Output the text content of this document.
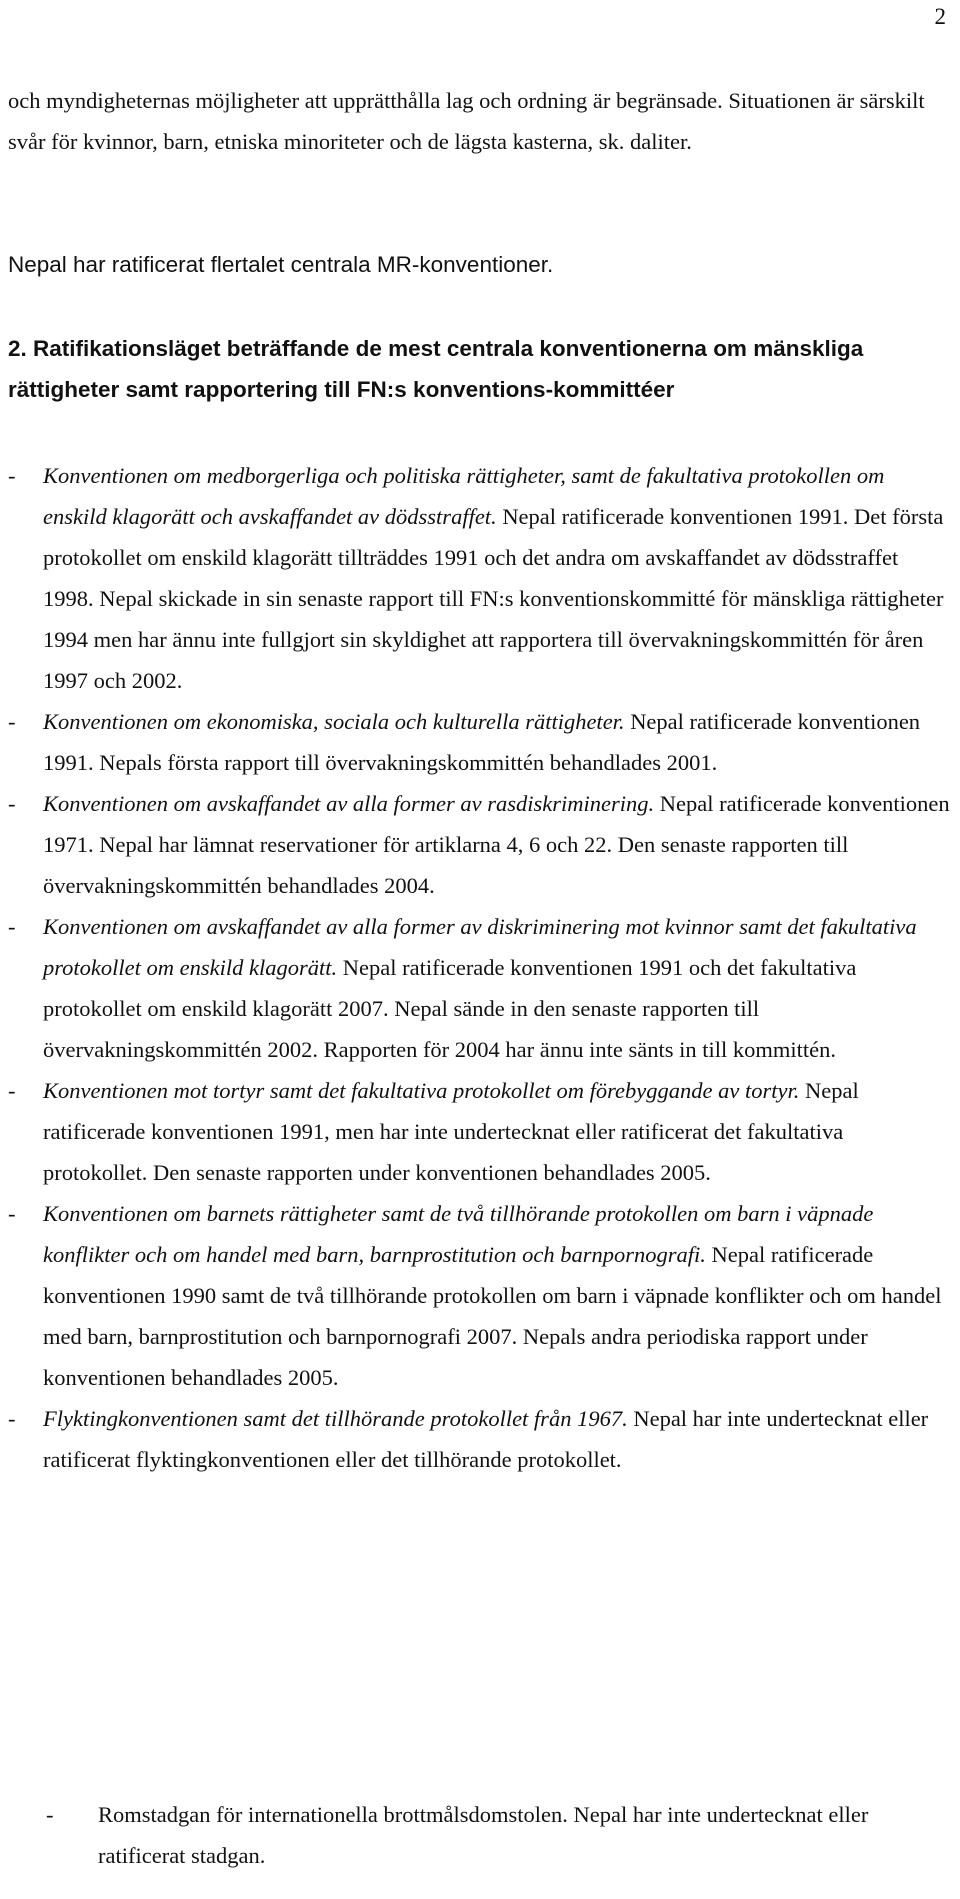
2

och myndigheternas möjligheter att upprätthålla lag och ordning är begränsade. Situationen är särskilt svår för kvinnor, barn, etniska minoriteter och de lägsta kasterna, sk. daliter.

Nepal har ratificerat flertalet centrala MR-konventioner.

2. Ratifikationsläget beträffande de mest centrala konventionerna om mänskliga rättigheter samt rapportering till FN:s konventions-kommittéer
- Konventionen om medborgerliga och politiska rättigheter, samt de fakultativa protokollen om enskild klagorätt och avskaffandet av dödsstraffet. Nepal ratificerade konventionen 1991. Det första protokollet om enskild klagorätt tillträddes 1991 och det andra om avskaffandet av dödsstraffet 1998. Nepal skickade in sin senaste rapport till FN:s konventionskommitté för mänskliga rättigheter 1994 men har ännu inte fullgjort sin skyldighet att rapportera till övervakningskommittén för åren 1997 och 2002.
- Konventionen om ekonomiska, sociala och kulturella rättigheter. Nepal ratificerade konventionen 1991. Nepals första rapport till övervakningskommittén behandlades 2001.
- Konventionen om avskaffandet av alla former av rasdiskriminering. Nepal ratificerade konventionen 1971. Nepal har lämnat reservationer för artiklarna 4, 6 och 22. Den senaste rapporten till övervakningskommittén behandlades 2004.
- Konventionen om avskaffandet av alla former av diskriminering mot kvinnor samt det fakultativa protokollet om enskild klagorätt. Nepal ratificerade konventionen 1991 och det fakultativa protokollet om enskild klagorätt 2007. Nepal sände in den senaste rapporten till övervakningskommittén 2002. Rapporten för 2004 har ännu inte sänts in till kommittén.
- Konventionen mot tortyr samt det fakultativa protokollet om förebyggande av tortyr. Nepal ratificerade konventionen 1991, men har inte undertecknat eller ratificerat det fakultativa protokollet. Den senaste rapporten under konventionen behandlades 2005.
- Konventionen om barnets rättigheter samt de två tillhörande protokollen om barn i väpnade konflikter och om handel med barn, barnprostitution och barnpornografi. Nepal ratificerade konventionen 1990 samt de två tillhörande protokollen om barn i väpnade konflikter och om handel med barn, barnprostitution och barnpornografi 2007. Nepals andra periodiska rapport under konventionen behandlades 2005.
- Flyktingkonventionen samt det tillhörande protokollet från 1967. Nepal har inte undertecknat eller ratificerat flyktingkonventionen eller det tillhörande protokollet.
- Romstadgan för internationella brottmålsdomstolen. Nepal har inte undertecknat eller ratificerat stadgan.
